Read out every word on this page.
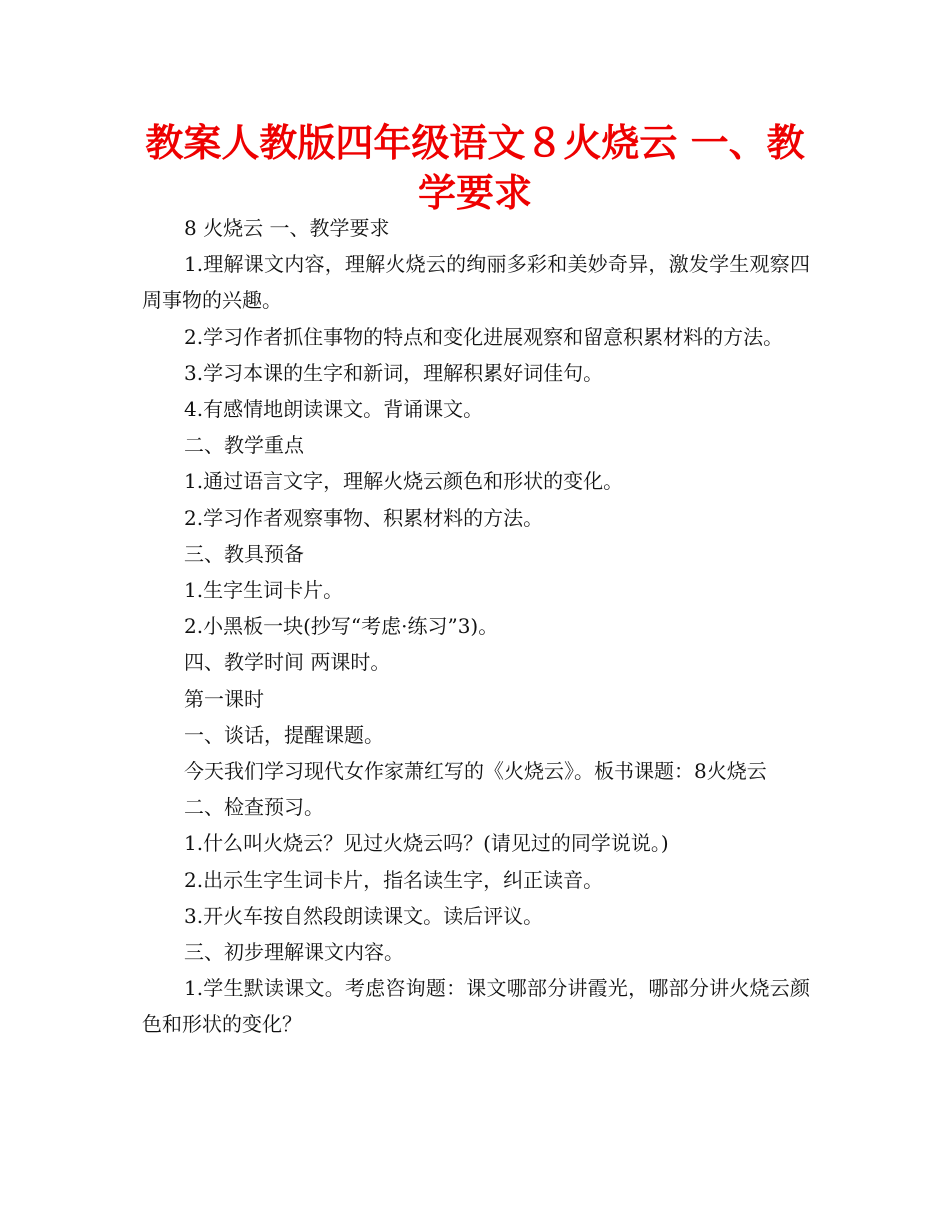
教案人教版四年级语文８火烧云 一、教学要求

8 火烧云 一、教学要求

1.理解课文内容，理解火烧云的绚丽多彩和美妙奇异，激发学生观察四周事物的兴趣。

2.学习作者抓住事物的特点和变化进展观察和留意积累材料的方法。

3.学习本课的生字和新词，理解积累好词佳句。

4.有感情地朗读课文。背诵课文。

二、教学重点

1.通过语言文字，理解火烧云颜色和形状的变化。

2.学习作者观察事物、积累材料的方法。

三、教具预备

1.生字生词卡片。

2.小黑板一块(抄写“考虑·练习”3)。

四、教学时间 两课时。

第一课时

一、谈话，提醒课题。

今天我们学习现代女作家萧红写的《火烧云》。板书课题：8火烧云

二、检查预习。

1.什么叫火烧云？见过火烧云吗？(请见过的同学说说。)

2.出示生字生词卡片，指名读生字，纠正读音。

3.开火车按自然段朗读课文。读后评议。

三、初步理解课文内容。

1.学生默读课文。考虑咨询题：课文哪部分讲霞光，哪部分讲火烧云颜色和形状的变化？
